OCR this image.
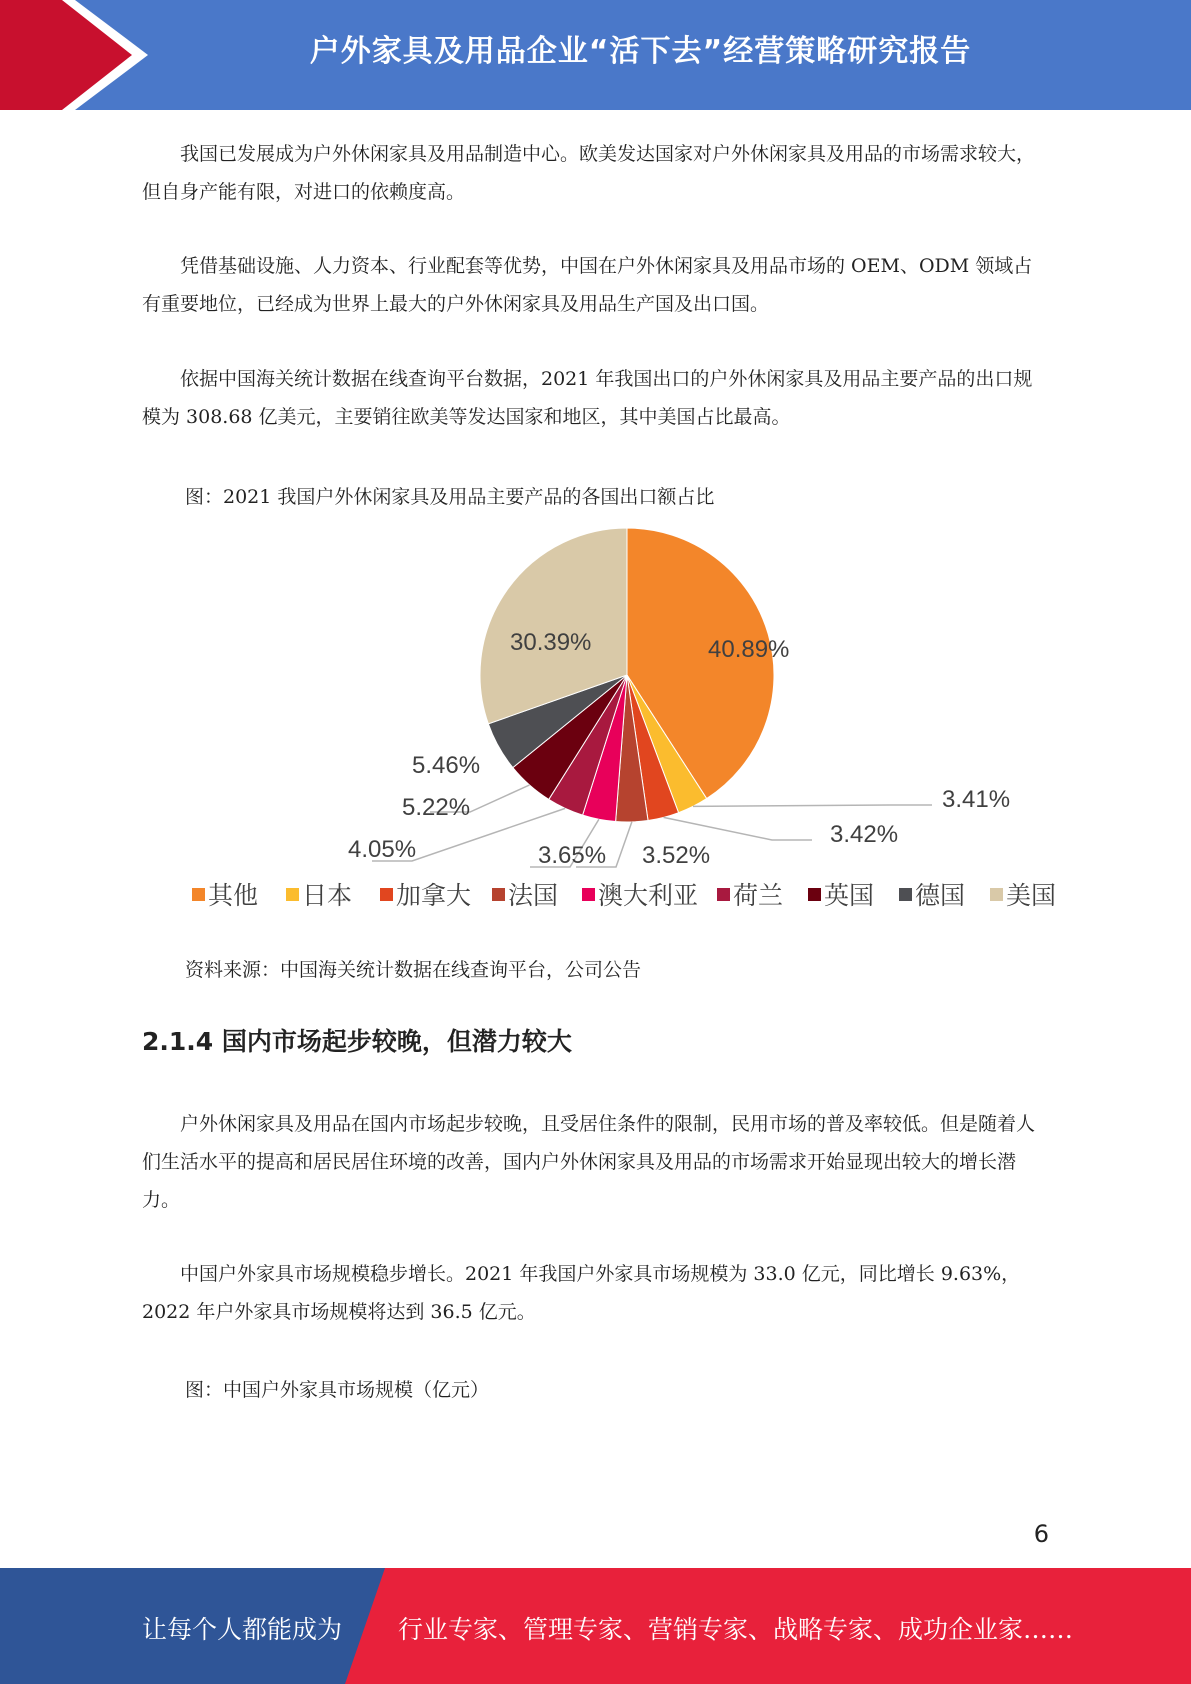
户外家具及用品企业“活下去”经营策略研究报告

我国已发展成为户外休闲家具及用品制造中心。欧美发达国家对户外休闲家具及用品的市场需求较大，但自身产能有限，对进口的依赖度高。

凭借基础设施、人力资本、行业配套等优势，中国在户外休闲家具及用品市场的 OEM、ODM 领域占有重要地位，已经成为世界上最大的户外休闲家具及用品生产国及出口国。

依据中国海关统计数据在线查询平台数据，2021 年我国出口的户外休闲家具及用品主要产品的出口规模为 308.68 亿美元，主要销往欧美等发达国家和地区，其中美国占比最高。

图：2021 我国户外休闲家具及用品主要产品的各国出口额占比

资料来源：中国海关统计数据在线查询平台，公司公告

2.1.4 国内市场起步较晚，但潜力较大

户外休闲家具及用品在国内市场起步较晚，且受居住条件的限制，民用市场的普及率较低。但是随着人们生活水平的提高和居民居住环境的改善，国内户外休闲家具及用品的市场需求开始显现出较大的增长潜力。

中国户外家具市场规模稳步增长。2021 年我国户外家具市场规模为 33.0 亿元，同比增长 9.63%， 2022 年户外家具市场规模将达到 36.5 亿元。

图：中国户外家具市场规模（亿元）

40.89%
3.41%
3.42%
3.52%
3.65%
4.05%
5.22%
5.46%
30.39%
其他 日本 加拿大 法国 澳大利亚 荷兰 英国 德国 美国
6
让每个人都能成为 行业专家、管理专家、营销专家、战略专家、成功企业家……
